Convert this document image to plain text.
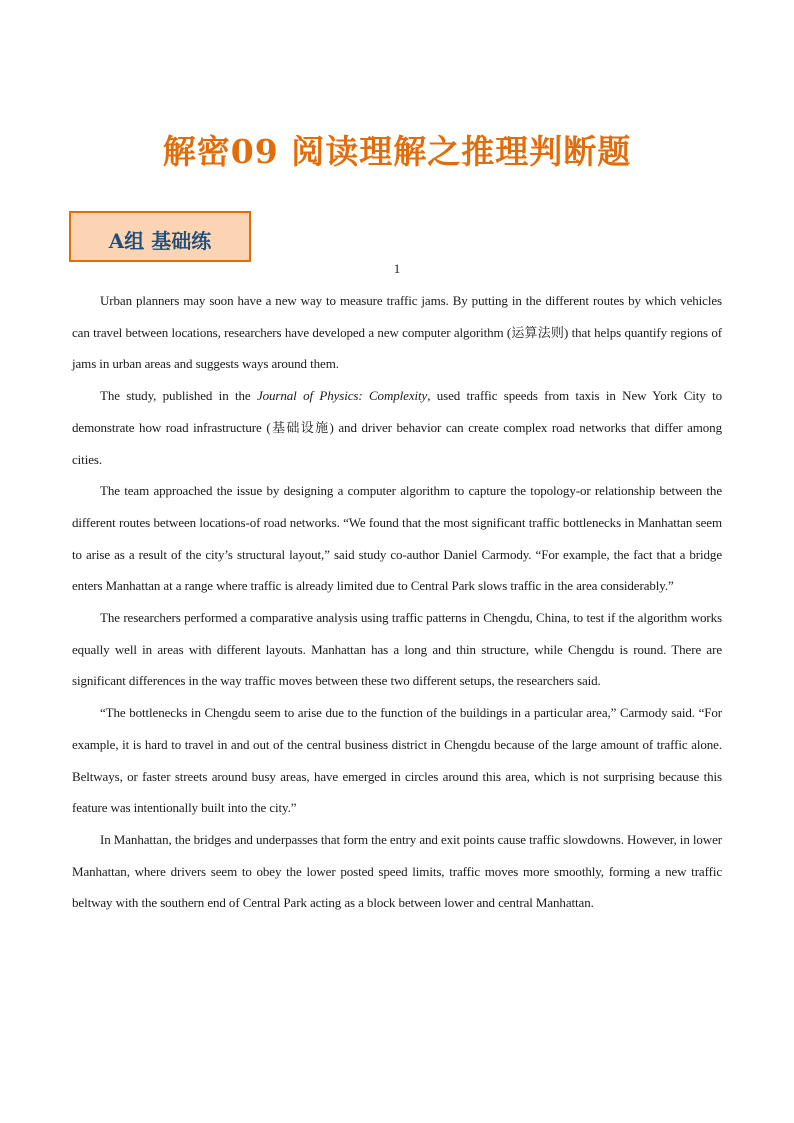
解密09 阅读理解之推理判断题
A组 基础练
1

Urban planners may soon have a new way to measure traffic jams. By putting in the different routes by which vehicles can travel between locations, researchers have developed a new computer algorithm (运算法则) that helps quantify regions of jams in urban areas and suggests ways around them.

The study, published in the Journal of Physics: Complexity, used traffic speeds from taxis in New York City to demonstrate how road infrastructure (基础设施) and driver behavior can create complex road networks that differ among cities.

The team approached the issue by designing a computer algorithm to capture the topology-or relationship between the different routes between locations-of road networks. “We found that the most significant traffic bottlenecks in Manhattan seem to arise as a result of the city’s structural layout,” said study co-author Daniel Carmody. “For example, the fact that a bridge enters Manhattan at a range where traffic is already limited due to Central Park slows traffic in the area considerably.”

The researchers performed a comparative analysis using traffic patterns in Chengdu, China, to test if the algorithm works equally well in areas with different layouts. Manhattan has a long and thin structure, while Chengdu is round. There are significant differences in the way traffic moves between these two different setups, the researchers said.

“The bottlenecks in Chengdu seem to arise due to the function of the buildings in a particular area,” Carmody said. “For example, it is hard to travel in and out of the central business district in Chengdu because of the large amount of traffic alone. Beltways, or faster streets around busy areas, have emerged in circles around this area, which is not surprising because this feature was intentionally built into the city.”

In Manhattan, the bridges and underpasses that form the entry and exit points cause traffic slowdowns. However, in lower Manhattan, where drivers seem to obey the lower posted speed limits, traffic moves more smoothly, forming a new traffic beltway with the southern end of Central Park acting as a block between lower and central Manhattan.
